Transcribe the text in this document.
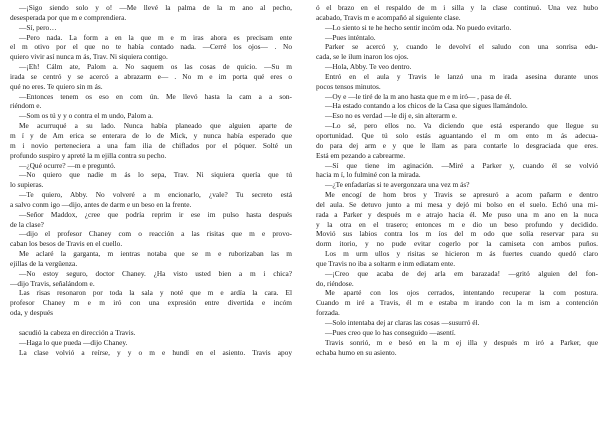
—¡Sigo siendo solo y o! —Me llevé la palma de la m ano al pecho,
desesperada por que m e comprendiera.
—Sí, pero…
—Pero nada. La form a en la que m e m iras ahora es precisam ente
el m otivo por el que no te había contado nada. —Cerré los ojos— . No
quiero vivir así nunca m ás, Trav. Ni siquiera contigo.
—¡Eh! Cálm ate, Palom a. No saquem os las cosas de quicio. —Su m
irada se centró y se acercó a abrazarm e— . No m e im porta qué eres o
qué no eres. Te quiero sin m ás.
—Entonces tenem os eso en com ún. Me llevó hasta la cam a a son-
riéndom e.
—Som os tú y y o contra el m undo, Palom a.
Me acurruqué a su lado. Nunca había planeado que alguien aparte de
m í y de Am erica se enterara de lo de Mick, y nunca había esperado que
m i novio perteneciera a una fam ilia de chiflados por el póquer. Solté un
profundo suspiro y apreté la m ejilla contra su pecho.
—¿Qué ocurre? —m e preguntó.
—No quiero que nadie m ás lo sepa, Trav. Ni siquiera quería que tú
lo supieras.
—Te quiero, Abby. No volveré a m encionarlo, ¿vale? Tu secreto está
a salvo conm igo —dijo, antes de darm e un beso en la frente.
—Señor Maddox, ¿cree que podría reprim ir ese im pulso hasta después
de la clase?
—dijo el profesor Chaney com o reacción a las risitas que m e provo-
caban los besos de Travis en el cuello.
Me aclaré la garganta, m ientras notaba que se m e ruborizaban las m
ejillas de la vergüenza.
—No estoy seguro, doctor Chaney. ¿Ha visto usted bien a m i chica?
—dijo Travis, señalándom e.
Las risas resonaron por toda la sala y noté que m e ardía la cara. El
profesor Chaney m e m iró con una expresión entre divertida e incóm
oda, y después

sacudió la cabeza en dirección a Travis.
—Haga lo que pueda —dijo Chaney.
La clase volvió a reírse, y y o m e hundí en el asiento. Travis apoy
ó el brazo en el respaldo de m i silla y la clase continuó. Una vez hubo
acabado, Travis m e acompañó al siguiente clase.
—Lo siento si te he hecho sentir incóm oda. No puedo evitarlo.
—Pues inténtalo.
Parker se acercó y, cuando le devolví el saludo con una sonrisa edu-
cada, se le ilum inaron los ojos.
—Hola, Abby. Te veo dentro.
Entró en el aula y Travis le lanzó una m irada asesina durante unos
pocos tensos minutos.
—Oy e —le tiré de la m ano hasta que m e m iró— , pasa de él.
—Ha estado contando a los chicos de la Casa que sigues llamándolo.
—Eso no es verdad —le dij e, sin alterarm e.
—Lo sé, pero ellos no. Va diciendo que está esperando que llegue su
oportunidad. Que tú solo estás aguantando el m om ento m ás adecua-
do para dej arm e y que le llam as para contarle lo desgraciada que eres.
Está em pezando a cabrearme.
—Sí que tiene im aginación. —Miré a Parker y, cuando él se volvió
hacia m í, lo fulminé con la mirada.
—¿Te enfadarías si te avergonzara una vez m ás?
Me encogí de hom bros y Travis se apresuró a acom pañarm e dentro
del aula. Se detuvo junto a mi mesa y dejó mi bolso en el suelo. Echó una mi-
rada a Parker y después m e atrajo hacia él. Me puso una m ano en la nuca
y la otra en el trasero; entonces m e dio un beso profundo y decidido.
Movió sus labios contra los m íos del m odo que solía reservar para su
dorm itorio, y no pude evitar cogerlo por la camiseta con ambos puños.
Los m urm ullos y risitas se hicieron m ás fuertes cuando quedó claro
que Travis no iba a soltarm e inm ediatam ente.
—¡Creo que acaba de dej arla em barazada! —gritó alguien del fon-
do, riéndose.
Me aparté con los ojos cerrados, intentando recuperar la com postura.
Cuando m iré a Travis, él m e estaba m irando con la m ism a contención
forzada.
—Solo intentaba dej ar claras las cosas —susurró él.
—Pues creo que lo has conseguido —asentí.
Travis sonrió, m e besó en la m ej illa y después m iró a Parker, que
echaba humo en su asiento.
